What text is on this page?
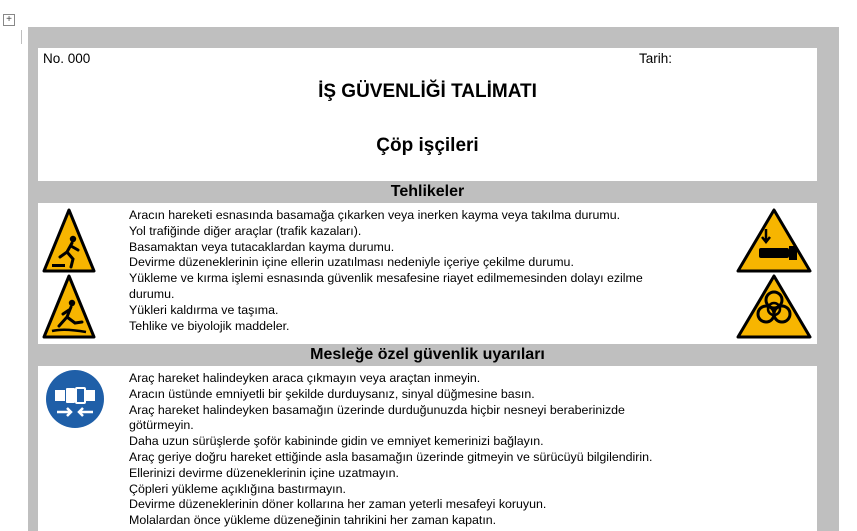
+
No. 000	Tarih:
İŞ GÜVENLİĞİ TALİMATI
Çöp işçileri
Tehlikeler
Aracın hareketi esnasında basamağa çıkarken veya inerken kayma veya takılma durumu.
Yol trafiğinde diğer araçlar (trafik kazaları).
Basamaktan veya tutacaklardan kayma durumu.
Devirme düzeneklerinin içine ellerin uzatılması nedeniyle içeriye çekilme durumu.
Yükleme ve kırma işlemi esnasında güvenlik mesafesine riayet edilmemesinden dolayı ezilme
durumu.
Yükleri kaldırma ve taşıma.
Tehlike ve biyolojik maddeler.
Mesleğe özel güvenlik uyarıları
Araç hareket halindeyken araca çıkmayın veya araçtan inmeyin.
Aracın üstünde emniyetli bir şekilde durduysanız, sinyal düğmesine basın.
Araç hareket halindeyken basamağın üzerinde durduğunuzda hiçbir nesneyi beraberinizde
götürmeyin.
Daha uzun sürüşlerde şoför kabininde gidin ve emniyet kemerinizi bağlayın.
Araç geriye doğru hareket ettiğinde asla basamağın üzerinde gitmeyin ve sürücüyü bilgilendirin.
Ellerinizi devirme düzeneklerinin içine uzatmayın.
Çöpleri yükleme açıklığına bastırmayın.
Devirme düzeneklerinin döner kollarına her zaman yeterli mesafeyi koruyun.
Molalardan önce yükleme düzeneğinin tahrikini her zaman kapatın.
